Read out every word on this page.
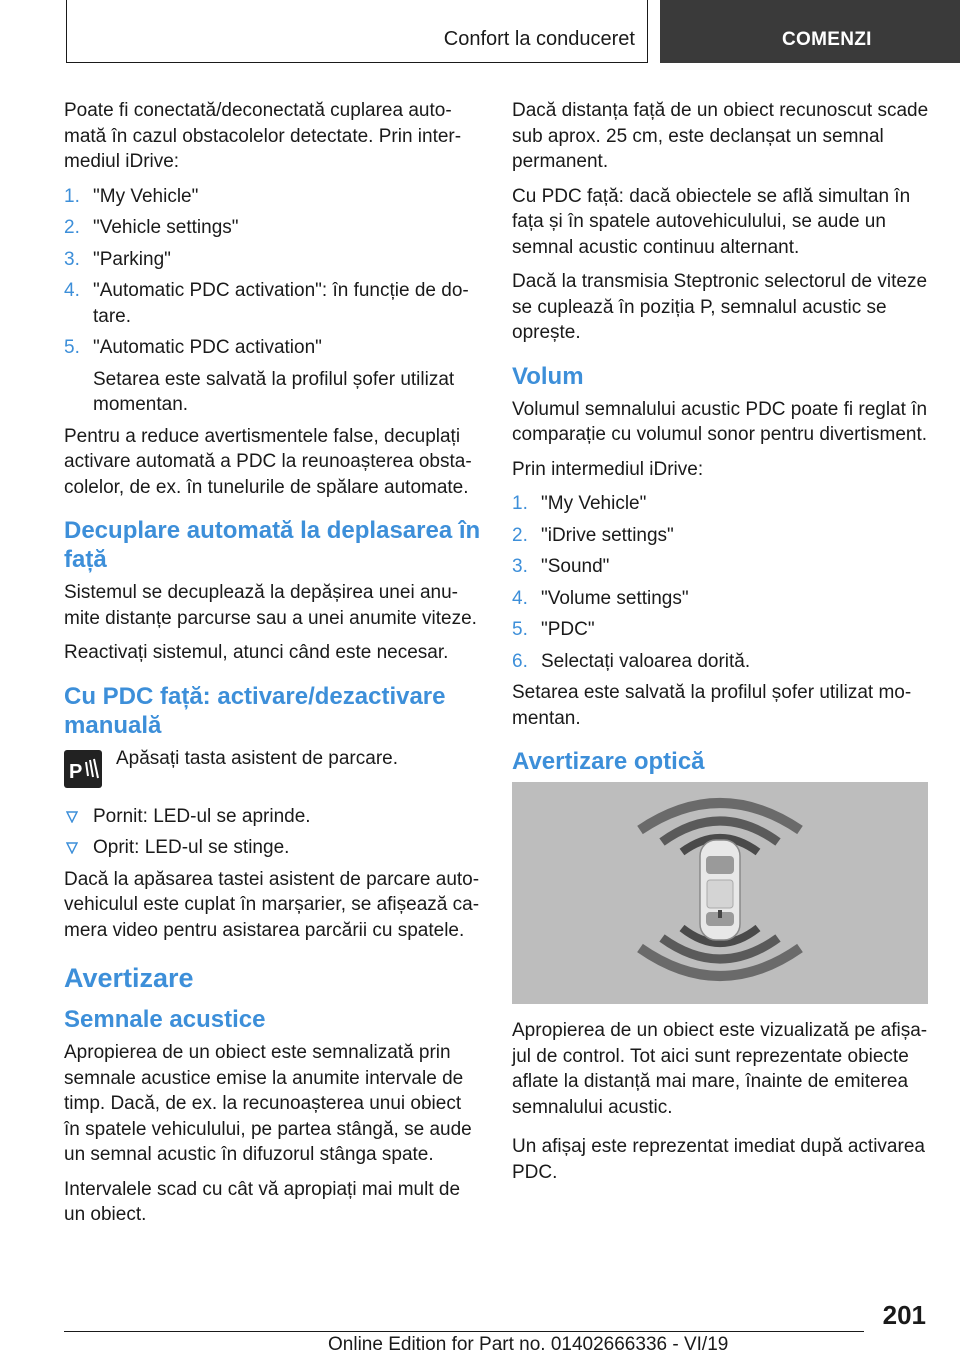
Confort la conduceret	COMENZI

Poate fi conectată/deconectată cuplarea automată în cazul obstacolelor detectate. Prin intermediul iDrive:

1. "My Vehicle"
2. "Vehicle settings"
3. "Parking"
4. "Automatic PDC activation": în funcție de dotare.
5. "Automatic PDC activation"
Setarea este salvată la profilul șofer utilizat momentan.

Pentru a reduce avertismentele false, decuplați activare automată a PDC la reunoașterea obstacolelor, de ex. în tunelurile de spălare automate.

Decuplare automată la deplasarea în față

Sistemul se decuplează la depășirea unei anumite distanțe parcurse sau a unei anumite viteze.

Reactivați sistemul, atunci când este necesar.

Cu PDC față: activare/dezactivare manuală
P

Apăsați tasta asistent de parcare.

Pornit: LED-ul se aprinde.
Oprit: LED-ul se stinge.

Dacă la apăsarea tastei asistent de parcare autovehiculul este cuplat în marșarier, se afișează camera video pentru asistarea parcării cu spatele.

Avertizare
Semnale acustice

Apropierea de un obiect este semnalizată prin semnale acustice emise la anumite intervale de timp. Dacă, de ex. la recunoașterea unui obiect în spatele vehiculului, pe partea stângă, se aude un semnal acustic în difuzorul stânga spate.

Intervalele scad cu cât vă apropiați mai mult de un obiect.

Dacă distanța față de un obiect recunoscut scade sub aprox. 25 cm, este declanșat un semnal permanent.

Cu PDC față: dacă obiectele se află simultan în fața și în spatele autovehiculului, se aude un semnal acustic continuu alternant.

Dacă la transmisia Steptronic selectorul de viteze se cuplează în poziția P, semnalul acustic se oprește.

Volum

Volumul semnalului acustic PDC poate fi reglat în comparație cu volumul sonor pentru divertisment.

Prin intermediul iDrive:

1. "My Vehicle"
2. "iDrive settings"
3. "Sound"
4. "Volume settings"
5. "PDC"
6. Selectați valoarea dorită.

Setarea este salvată la profilul șofer utilizat momentan.

Avertizare optică

Apropierea de un obiect este vizualizată pe afișajul de control. Tot aici sunt reprezentate obiecte aflate la distanță mai mare, înainte de emiterea semnalului acustic.

Un afișaj este reprezentat imediat după activarea PDC.

201
Online Edition for Part no. 01402666336 - VI/19
